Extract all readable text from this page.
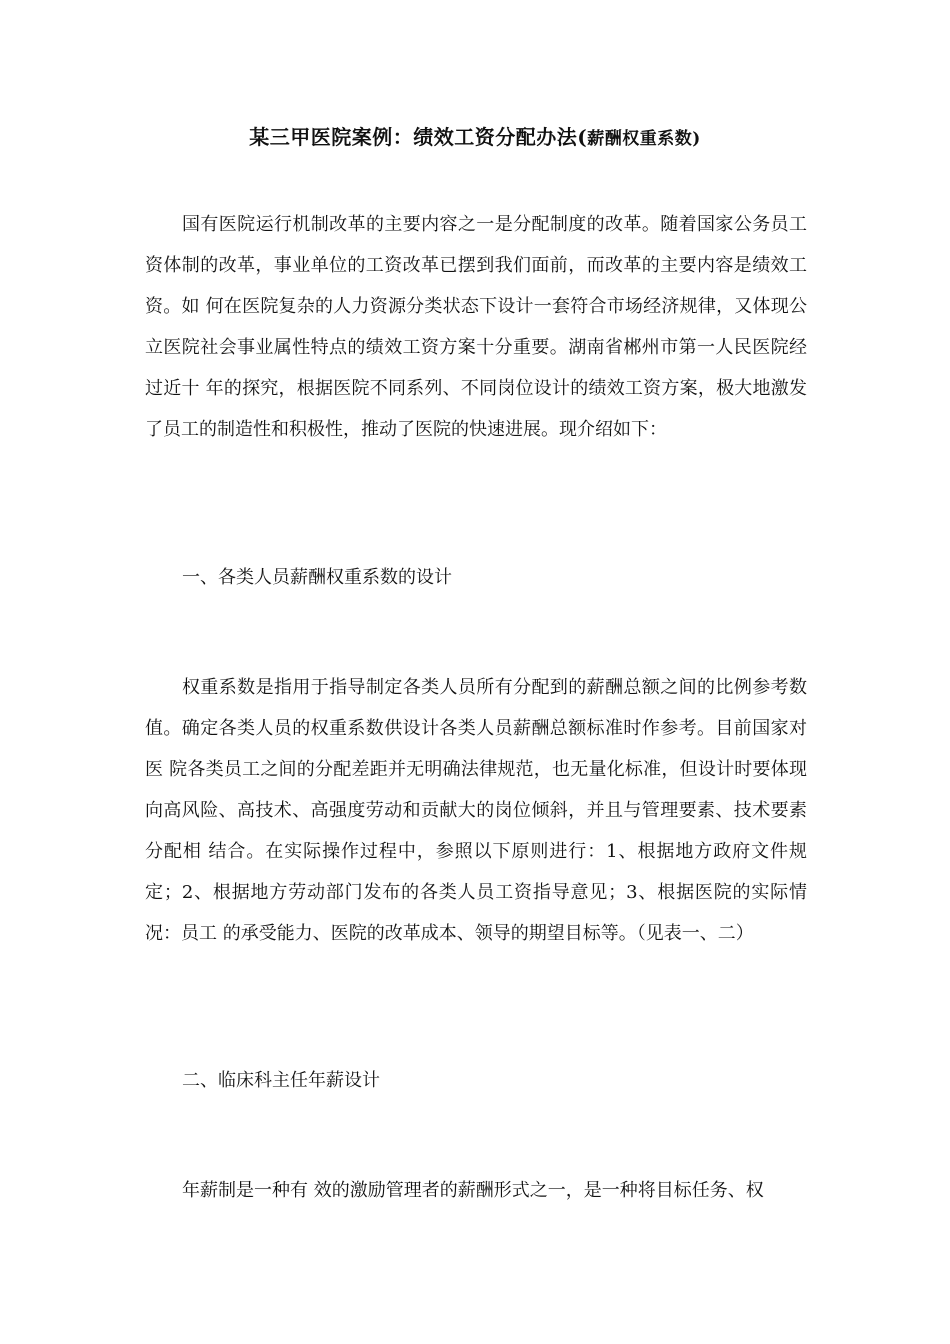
某三甲医院案例：绩效工资分配办法(薪酬权重系数)

国有医院运行机制改革的主要内容之一是分配制度的改革。随着国家公务员工资体制的改革，事业单位的工资改革已摆到我们面前，而改革的主要内容是绩效工资。如 何在医院复杂的人力资源分类状态下设计一套符合市场经济规律，又体现公立医院社会事业属性特点的绩效工资方案十分重要。湖南省郴州市第一人民医院经过近十 年的探究，根据医院不同系列、不同岗位设计的绩效工资方案，极大地激发了员工的制造性和积极性，推动了医院的快速进展。现介绍如下：

一、各类人员薪酬权重系数的设计

权重系数是指用于指导制定各类人员所有分配到的薪酬总额之间的比例参考数值。确定各类人员的权重系数供设计各类人员薪酬总额标准时作参考。目前国家对医 院各类员工之间的分配差距并无明确法律规范，也无量化标准，但设计时要体现向高风险、高技术、高强度劳动和贡献大的岗位倾斜，并且与管理要素、技术要素分配相 结合。在实际操作过程中，参照以下原则进行：1、根据地方政府文件规定；2、根据地方劳动部门发布的各类人员工资指导意见；3、根据医院的实际情况：员工 的承受能力、医院的改革成本、领导的期望目标等。（见表一、二）

二、临床科主任年薪设计

年薪制是一种有 效的激励管理者的薪酬形式之一，是一种将目标任务、权
